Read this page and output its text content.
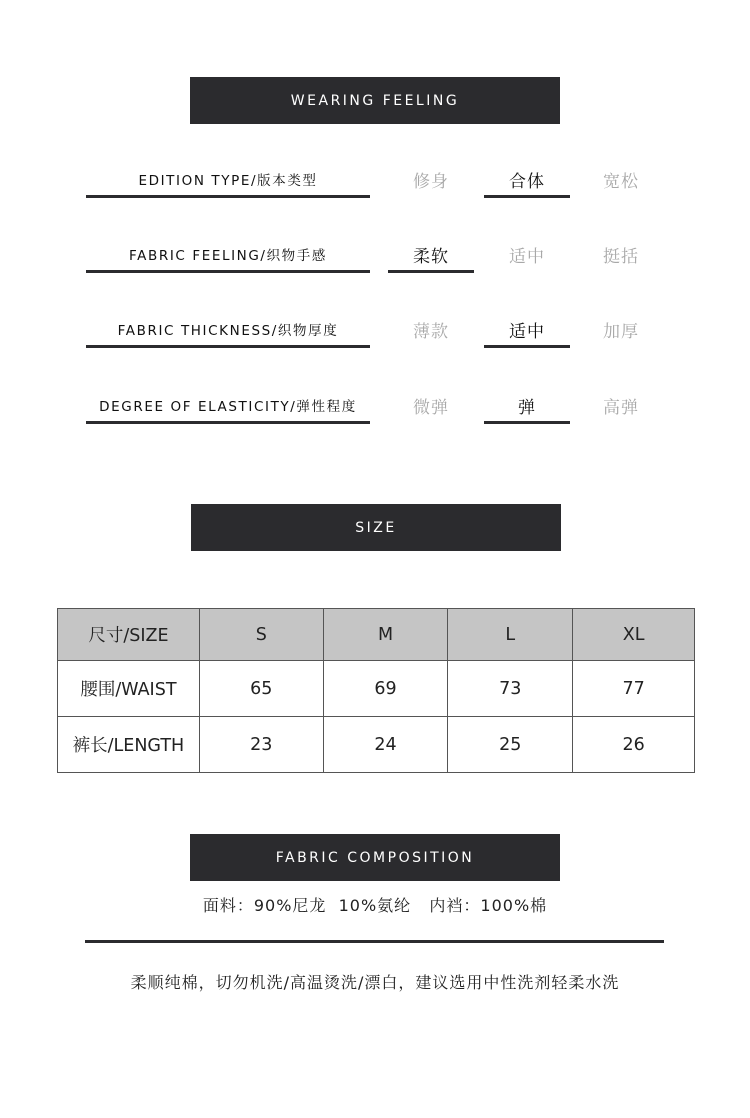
WEARING FEELING
EDITION TYPE/版本类型	修身	合体	宽松
FABRIC FEELING/织物手感	柔软	适中	挺括
FABRIC THICKNESS/织物厚度	薄款	适中	加厚
DEGREE OF ELASTICITY/弹性程度	微弹	弹	高弹
SIZE
尺寸/SIZE	S	M	L	XL
腰围/WAIST	65	69	73	77
裤长/LENGTH	23	24	25	26
FABRIC COMPOSITION
面料：90%尼龙  10%氨纶   内裆：100%棉
柔顺纯棉，切勿机洗/高温烫洗/漂白，建议选用中性洗剂轻柔水洗
